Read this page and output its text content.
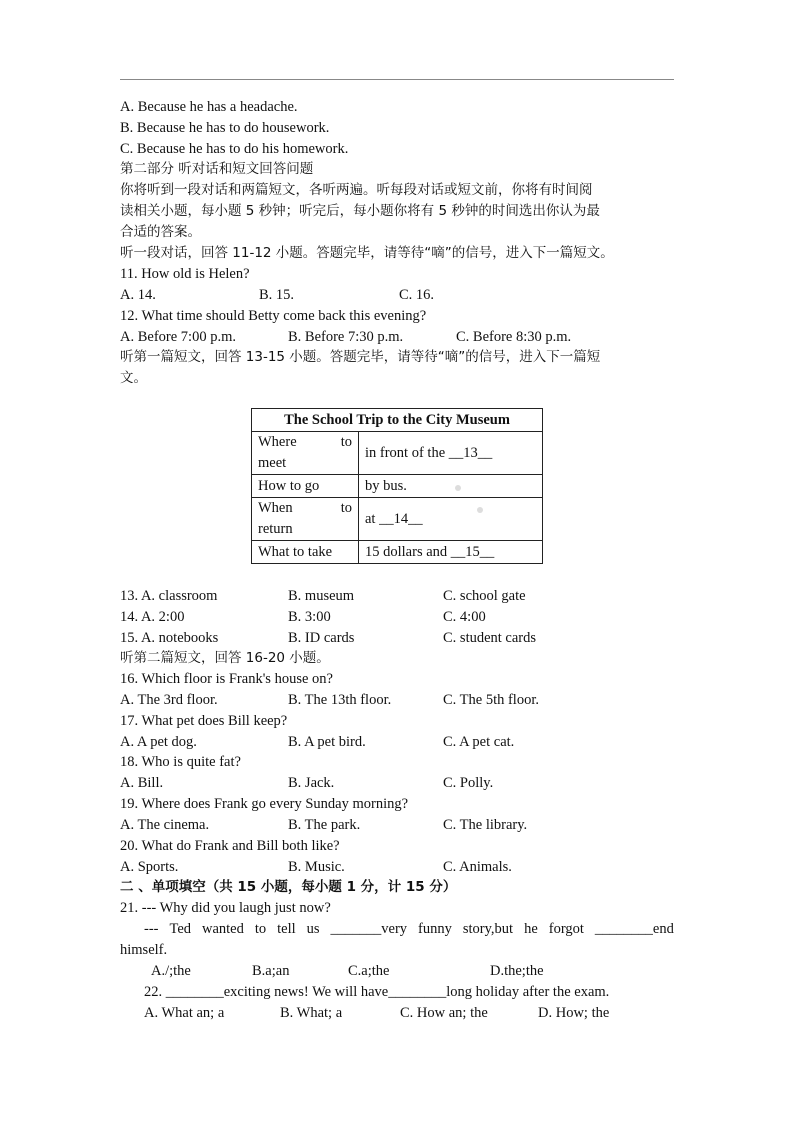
A. Because he has a headache.
B. Because he has to do housework.
C. Because he has to do his homework.
第二部分 听对话和短文回答问题
你将听到一段对话和两篇短文，各听两遍。听每段对话或短文前，你将有时间阅
读相关小题，每小题 5 秒钟；听完后，每小题你将有 5 秒钟的时间选出你认为最
合适的答案。
听一段对话，回答 11-12 小题。答题完毕，请等待“嘀”的信号，进入下一篇短文。
11. How old is Helen?
A. 14.	B. 15.	C. 16.
12. What time should Betty come back this evening?
A. Before 7:00 p.m.	B. Before 7:30 p.m.	C. Before 8:30 p.m.
听第一篇短文，回答 13-15 小题。答题完毕，请等待“嘀”的信号，进入下一篇短
文。
The School Trip to the City Museum	

Where to
meet	in front of the __13__
How to go	by bus.

When to
return	at __14__
What to take	15 dollars and __15__
13. A. classroom	B. museum	C. school gate
14. A. 2:00	B. 3:00	C. 4:00
15. A. notebooks	B. ID cards	C. student cards
听第二篇短文，回答 16-20 小题。
16. Which floor is Frank's house on?
A. The 3rd floor.	B. The 13th floor.	C. The 5th floor.
17. What pet does Bill keep?
A. A pet dog.	B. A pet bird.	C. A pet cat.
18. Who is quite fat?
A. Bill.	B. Jack.	C. Polly.
19. Where does Frank go every Sunday morning?
A. The cinema.	B. The park.	C. The library.
20. What do Frank and Bill both like?
A. Sports.	B. Music.	C. Animals.
二 、单项填空（共 15 小题，每小题 1 分，计 15 分）
21. --- Why did you laugh just now?
--- Ted wanted to tell us _______very funny story,but he forgot ________end
himself.
A./;the	B.a;an	C.a;the	D.the;the
22. ________exciting news! We will have________long holiday after the exam.
A. What an; a	B. What; a	C. How an; the	D. How; the
